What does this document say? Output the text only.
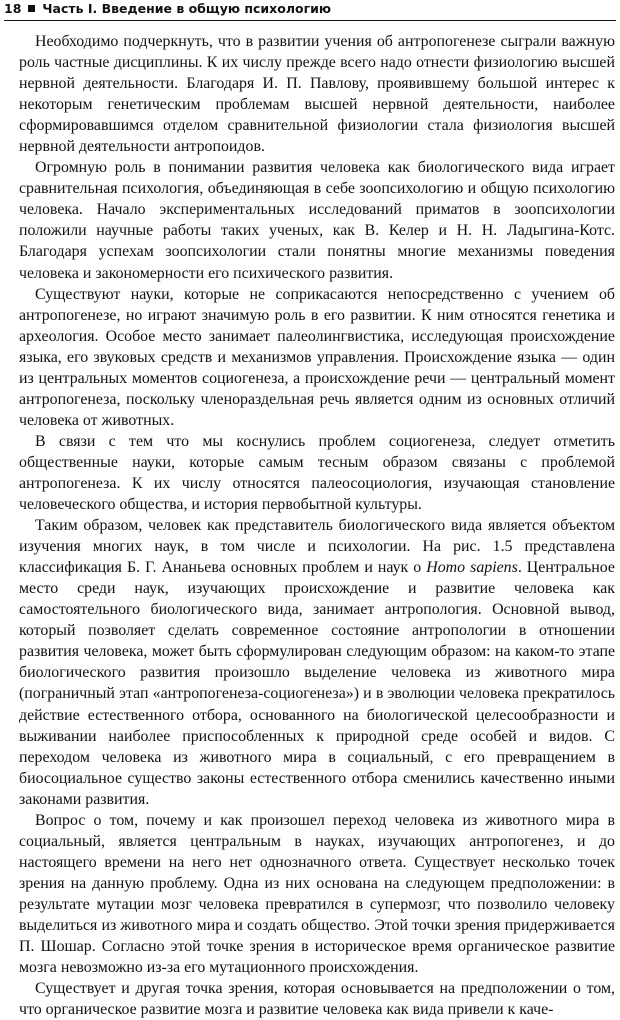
18 Часть I. Введение в общую психологию

Необходимо подчеркнуть, что в развитии учения об антропогенезе сыграли важную роль частные дисциплины. К их числу прежде всего надо отнести физиологию высшей нервной деятельности. Благодаря И. П. Павлову, проявившему большой интерес к некоторым генетическим проблемам высшей нервной деятельности, наиболее сформировавшимся отделом сравнительной физиологии стала физиология высшей нервной деятельности антропоидов.

Огромную роль в понимании развития человека как биологического вида играет сравнительная психология, объединяющая в себе зоопсихологию и общую психологию человека. Начало экспериментальных исследований приматов в зоопсихологии положили научные работы таких ученых, как В. Келер и Н. Н. Ладыгина-Котс. Благодаря успехам зоопсихологии стали понятны многие механизмы поведения человека и закономерности его психического развития.

Существуют науки, которые не соприкасаются непосредственно с учением об антропогенезе, но играют значимую роль в его развитии. К ним относятся генетика и археология. Особое место занимает палеолингвистика, исследующая происхождение языка, его звуковых средств и механизмов управления. Происхождение языка — один из центральных моментов социогенеза, а происхождение речи — центральный момент антропогенеза, поскольку членораздельная речь является одним из основных отличий человека от животных.

В связи с тем что мы коснулись проблем социогенеза, следует отметить общественные науки, которые самым тесным образом связаны с проблемой антропогенеза. К их числу относятся палеосоциология, изучающая становление человеческого общества, и история первобытной культуры.

Таким образом, человек как представитель биологического вида является объектом изучения многих наук, в том числе и психологии. На рис. 1.5 представлена классификация Б. Г. Ананьева основных проблем и наук о Homo sapiens. Центральное место среди наук, изучающих происхождение и развитие человека как самостоятельного биологического вида, занимает антропология. Основной вывод, который позволяет сделать современное состояние антропологии в отношении развития человека, может быть сформулирован следующим образом: на каком-то этапе биологического развития произошло выделение человека из животного мира (пограничный этап «антропогенеза-социогенеза») и в эволюции человека прекратилось действие естественного отбора, основанного на биологической целесообразности и выживании наиболее приспособленных к природной среде особей и видов. С переходом человека из животного мира в социальный, с его превращением в биосоциальное существо законы естественного отбора сменились качественно иными законами развития.

Вопрос о том, почему и как произошел переход человека из животного мира в социальный, является центральным в науках, изучающих антропогенез, и до настоящего времени на него нет однозначного ответа. Существует несколько точек зрения на данную проблему. Одна из них основана на следующем предположении: в результате мутации мозг человека превратился в супермозг, что позволило человеку выделиться из животного мира и создать общество. Этой точки зрения придерживается П. Шошар. Согласно этой точке зрения в историческое время органическое развитие мозга невозможно из-за его мутационного происхождения.

Существует и другая точка зрения, которая основывается на предположении о том, что органическое развитие мозга и развитие человека как вида привели к каче-
